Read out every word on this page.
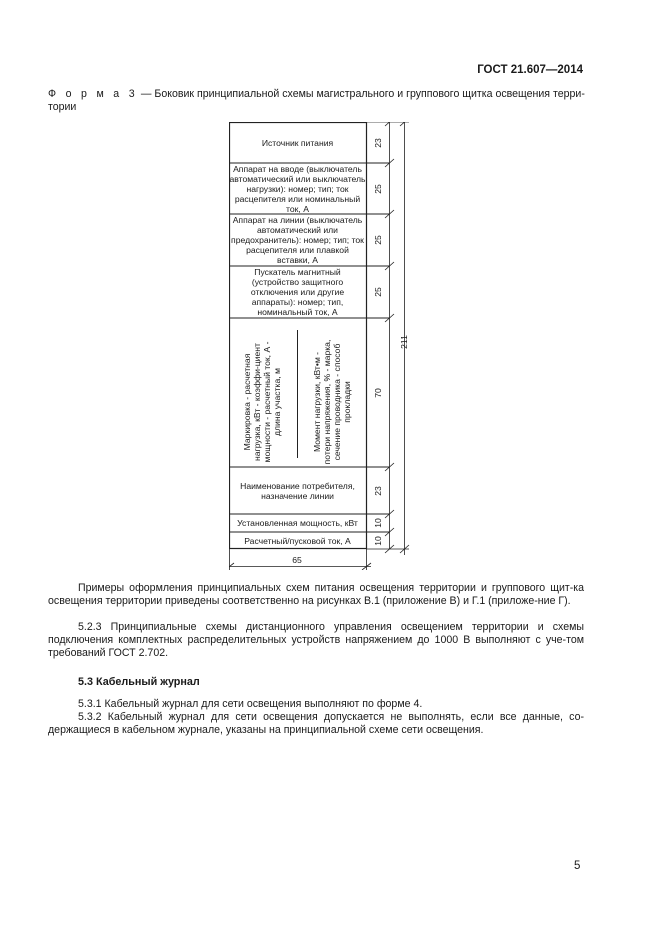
ГОСТ 21.607—2014
Ф о р м а 3 — Боковик принципиальной схемы магистрального и группового щитка освещения терри-тории
Источник питания
Аппарат на вводе (выключатель автоматический или выключатель нагрузки): номер; тип; ток расцепителя или номинальный ток, А
Аппарат на линии (выключатель автоматический или предохранитель): номер; тип; ток расцепителя или плавкой вставки, А
Пускатель магнитный (устройство защитного отключения или другие аппараты): номер; тип, номинальный ток, А
Наименование потребителя, назначение линии
Установленная мощность, кВт
Расчетный/пусковой ток, А
Маркировка - расчетная нагрузка, кВт - коэффи-циент мощности - расчетный ток, А - длина участка, м	Момент нагрузки, кВт•м - потери напряжения, % - марка, сечение проводника - способ прокладки
23
25
25
25
70
23
10
10
211
65
Примеры оформления принципиальных схем питания освещения территории и группового щит-ка освещения территории приведены соответственно на рисунках В.1 (приложение В) и Г.1 (приложе-ние Г).
5.2.3 Принципиальные схемы дистанционного управления освещением территории и схемы подключения комплектных распределительных устройств напряжением до 1000 В выполняют с уче-том требований ГОСТ 2.702.
5.3 Кабельный журнал
5.3.1 Кабельный журнал для сети освещения выполняют по форме 4.
5.3.2 Кабельный журнал для сети освещения допускается не выполнять, если все данные, со-держащиеся в кабельном журнале, указаны на принципиальной схеме сети освещения.
5
